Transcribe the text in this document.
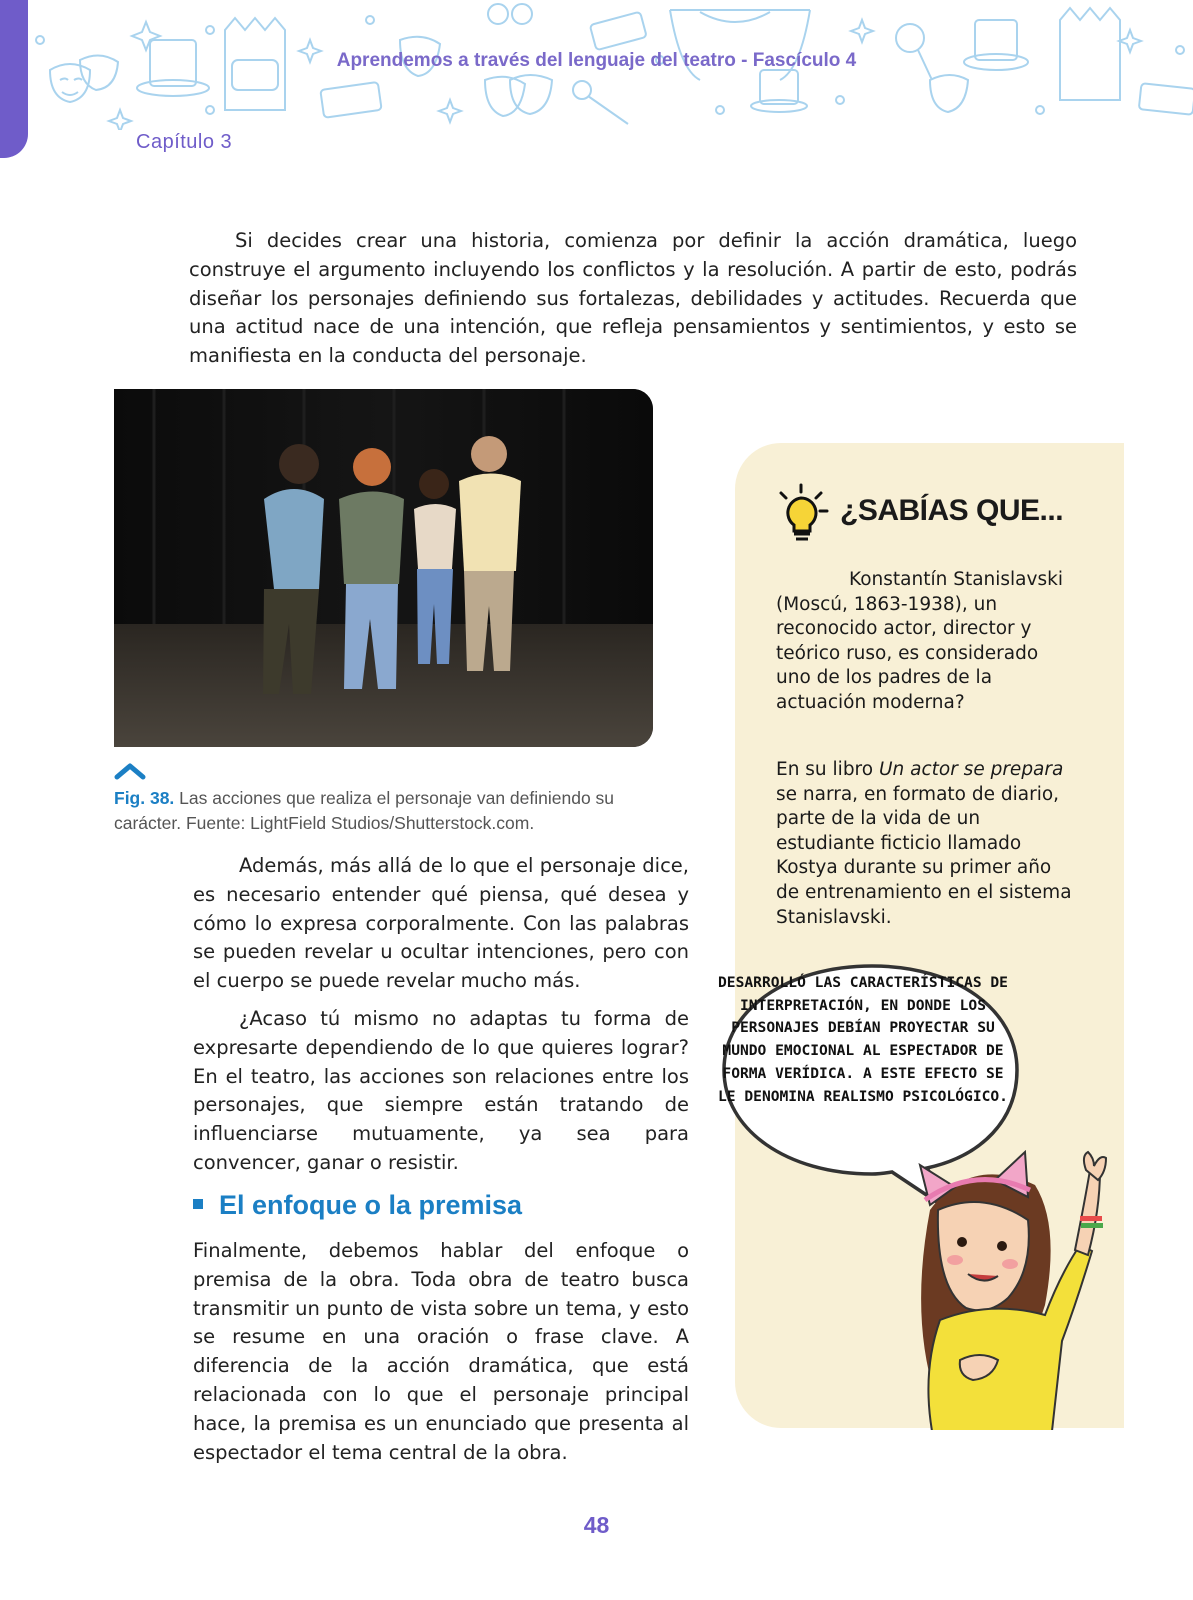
Aprendemos a través del lenguaje del teatro - Fascículo 4
Capítulo 3

Si decides crear una historia, comienza por definir la acción dramática, luego construye el argumento incluyendo los conflictos y la resolución. A partir de esto, podrás diseñar los personajes definiendo sus fortalezas, debilidades y actitudes. Recuerda que una actitud nace de una intención, que refleja pensamientos y sentimientos, y esto se manifiesta en la conducta del personaje.

Fig. 38. Las acciones que realiza el personaje van definiendo su carácter. Fuente: LightField Studios/Shutterstock.com.

Además, más allá de lo que el personaje dice, es necesario entender qué piensa, qué desea y cómo lo expresa corporalmente. Con las palabras se pueden revelar u ocultar intenciones, pero con el cuerpo se puede revelar mucho más.

¿Acaso tú mismo no adaptas tu forma de expresarte dependiendo de lo que quieres lograr? En el teatro, las acciones son relaciones entre los personajes, que siempre están tratando de influenciarse mutuamente, ya sea para convencer, ganar o resistir.

El enfoque o la premisa

Finalmente, debemos hablar del enfoque o premisa de la obra. Toda obra de teatro busca transmitir un punto de vista sobre un tema, y esto se resume en una oración o frase clave. A diferencia de la acción dramática, que está relacionada con lo que el personaje principal hace, la premisa es un enunciado que presenta al espectador el tema central de la obra.

¿SABÍAS QUE...

Konstantín Stanislavski (Moscú, 1863-1938), un reconocido actor, director y teórico ruso, es considerado uno de los padres de la actuación moderna?

En su libro Un actor se prepara se narra, en formato de diario, parte de la vida de un estudiante ficticio llamado Kostya durante su primer año de entrenamiento en el sistema Stanislavski.

DESARROLLÓ LAS CARACTERÍSTICAS DE INTERPRETACIÓN, EN DONDE LOS PERSONAJES DEBÍAN PROYECTAR SU MUNDO EMOCIONAL AL ESPECTADOR DE FORMA VERÍDICA. A ESTE EFECTO SE LE DENOMINA REALISMO PSICOLÓGICO.

48
